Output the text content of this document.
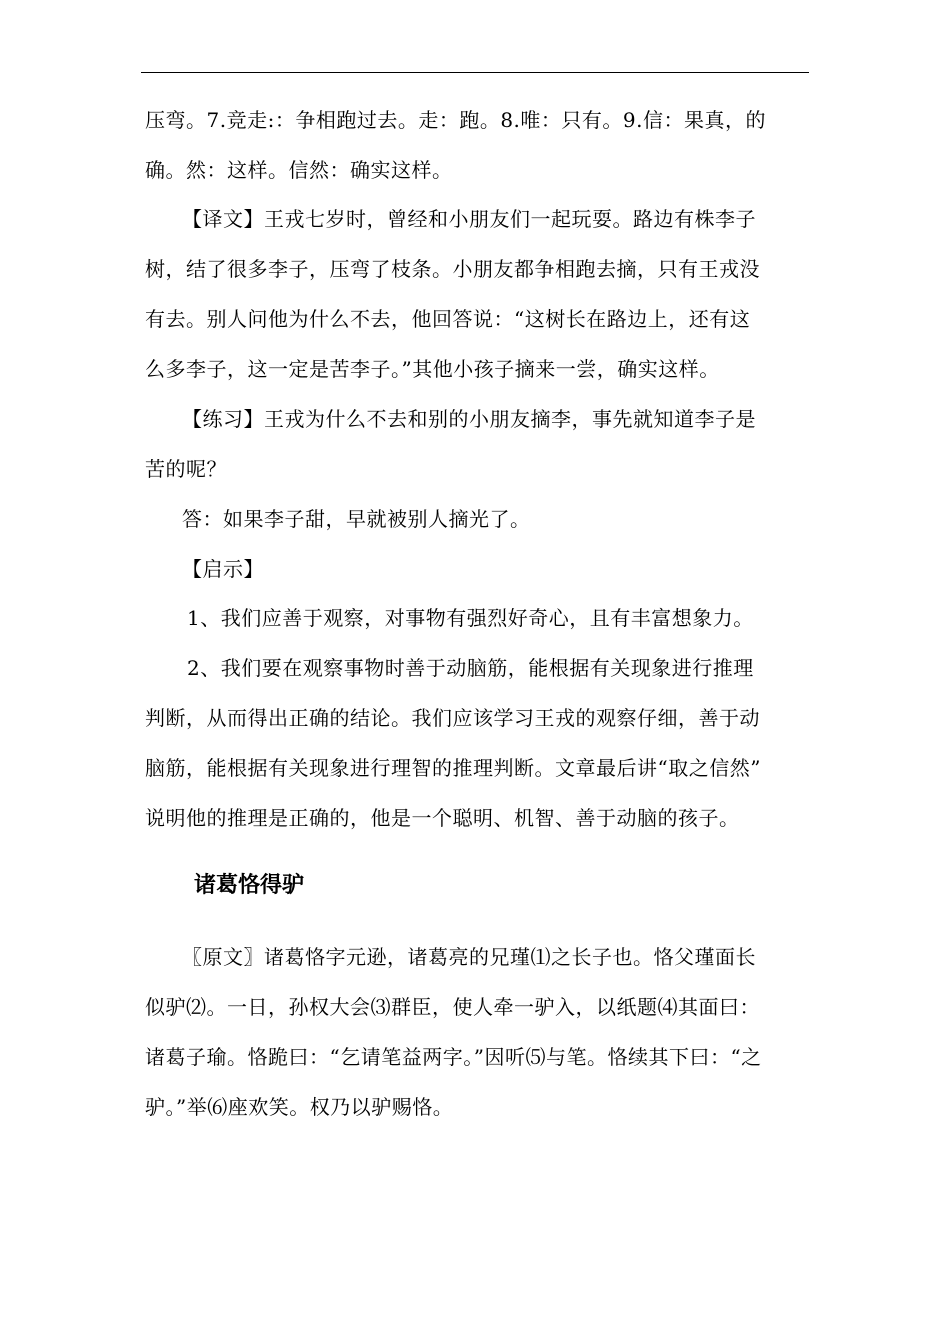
压弯。7.竞走:：争相跑过去。走：跑。8.唯：只有。9.信：果真，的
确。然：这样。信然：确实这样。
【译文】王戎七岁时，曾经和小朋友们一起玩耍。路边有株李子
树，结了很多李子，压弯了枝条。小朋友都争相跑去摘，只有王戎没
有去。别人问他为什么不去，他回答说：“这树长在路边上，还有这
么多李子，这一定是苦李子。”其他小孩子摘来一尝，确实这样。
【练习】王戎为什么不去和别的小朋友摘李，事先就知道李子是
苦的呢？
答：如果李子甜，早就被别人摘光了。
【启示】
1、我们应善于观察，对事物有强烈好奇心，且有丰富想象力。
2、我们要在观察事物时善于动脑筋，能根据有关现象进行推理
判断，从而得出正确的结论。我们应该学习王戎的观察仔细，善于动
脑筋，能根据有关现象进行理智的推理判断。文章最后讲“取之信然”
说明他的推理是正确的，他是一个聪明、机智、善于动脑的孩子。
诸葛恪得驴
〖原文〗诸葛恪字元逊，诸葛亮的兄瑾⑴之长子也。恪父瑾面长
似驴⑵。一日，孙权大会⑶群臣，使人牵一驴入，以纸题⑷其面曰：
诸葛子瑜。恪跪曰：“乞请笔益两字。”因听⑸与笔。恪续其下曰：“之
驴。”举⑹座欢笑。权乃以驴赐恪。
